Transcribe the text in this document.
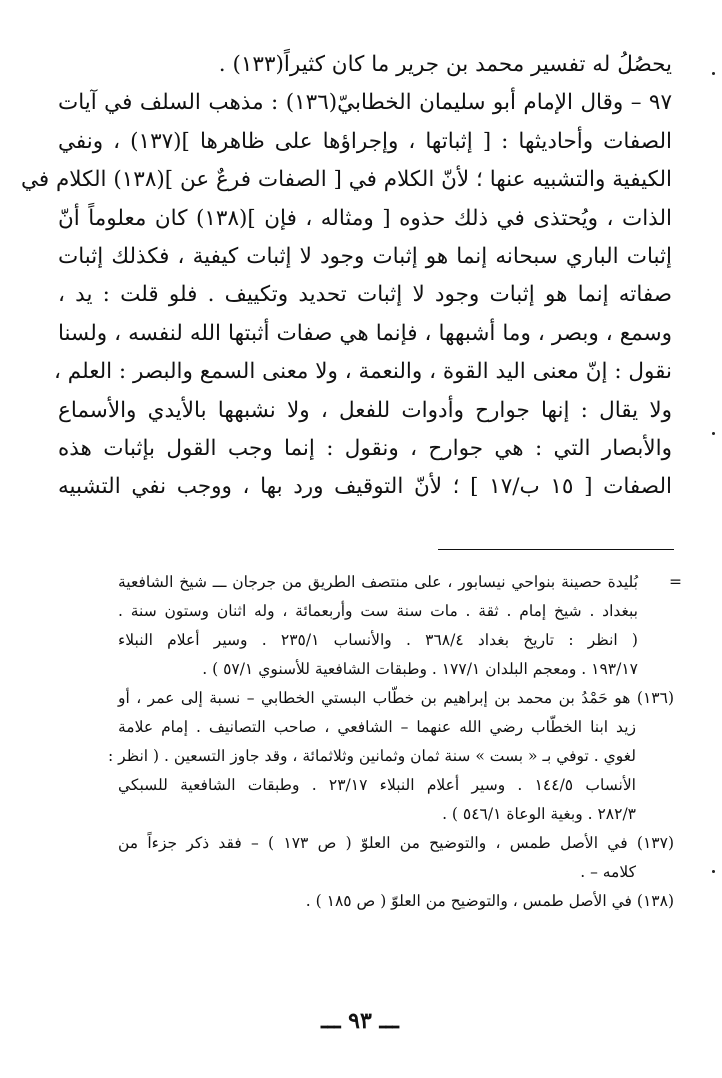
يحصُلُ له تفسير محمد بن جرير ما كان كثيراً(١٣٣) .
٩٧ – وقال الإمام أبو سليمان الخطابيّ(١٣٦) : مذهب السلف في آيات
الصفات وأحاديثها : [ إثباتها ، وإجراؤها على ظاهرها ](١٣٧) ، ونفي
الكيفية والتشبيه عنها ؛ لأنّ الكلام في [ الصفات فرعٌ عن ](١٣٨) الكلام في
الذات ، ويُحتذى في ذلك حذوه [ ومثاله ، فإن ](١٣٨) كان معلوماً أنّ
إثبات الباري سبحانه إنما هو إثبات وجود لا إثبات كيفية ، فكذلك إثبات
صفاته إنما هو إثبات وجود لا إثبات تحديد وتكييف . فلو قلت : يد ،
وسمع ، وبصر ، وما أشبهها ، فإنما هي صفات أثبتها الله لنفسه ، ولسنا
نقول : إنّ معنى اليد القوة ، والنعمة ، ولا معنى السمع والبصر : العلم ،
ولا يقال : إنها جوارح وأدوات للفعل ، ولا نشبهها بالأيدي والأسماع
والأبصار التي : هي جوارح ، ونقول : إنما وجب القول بإثبات هذه
الصفات [ ١٥ ب/١٧ ] ؛ لأنّ التوقيف ورد بها ، ووجب نفي التشبيه
=
بُليدة حصينة بنواحي نيسابور ، على منتصف الطريق من جرجان ـــ شيخ الشافعية
ببغداد . شيخ إمام . ثقة . مات سنة ست وأربعمائة ، وله اثنان وستون سنة .
( انظر : تاريخ بغداد ٣٦٨/٤ . والأنساب ٢٣٥/١ . وسير أعلام النبلاء
١٩٣/١٧ . ومعجم البلدان ١٧٧/١ . وطبقات الشافعية للأسنوي ٥٧/١ ) .
(١٣٦) هو حَمْدُ بن محمد بن إبراهيم بن خطّاب البستي الخطابي – نسبة إلى عمر ، أو
زيد ابنا الخطّاب رضي الله عنهما – الشافعي ، صاحب التصانيف . إمام علامة
لغوي . توفي بـ « بست » سنة ثمان وثمانين وثلاثمائة ، وقد جاوز التسعين . ( انظر :
الأنساب ١٤٤/٥ . وسير أعلام النبلاء ٢٣/١٧ . وطبقات الشافعية للسبكي
٢٨٢/٣ . وبغية الوعاة ٥٤٦/١ ) .
(١٣٧) في الأصل طمس ، والتوضيح من العلوّ ( ص ١٧٣ ) – فقد ذكر جزءاً من
كلامه – .
(١٣٨) في الأصل طمس ، والتوضيح من العلوّ ( ص ١٨٥ ) .
ـــ ٩٣ ـــ
